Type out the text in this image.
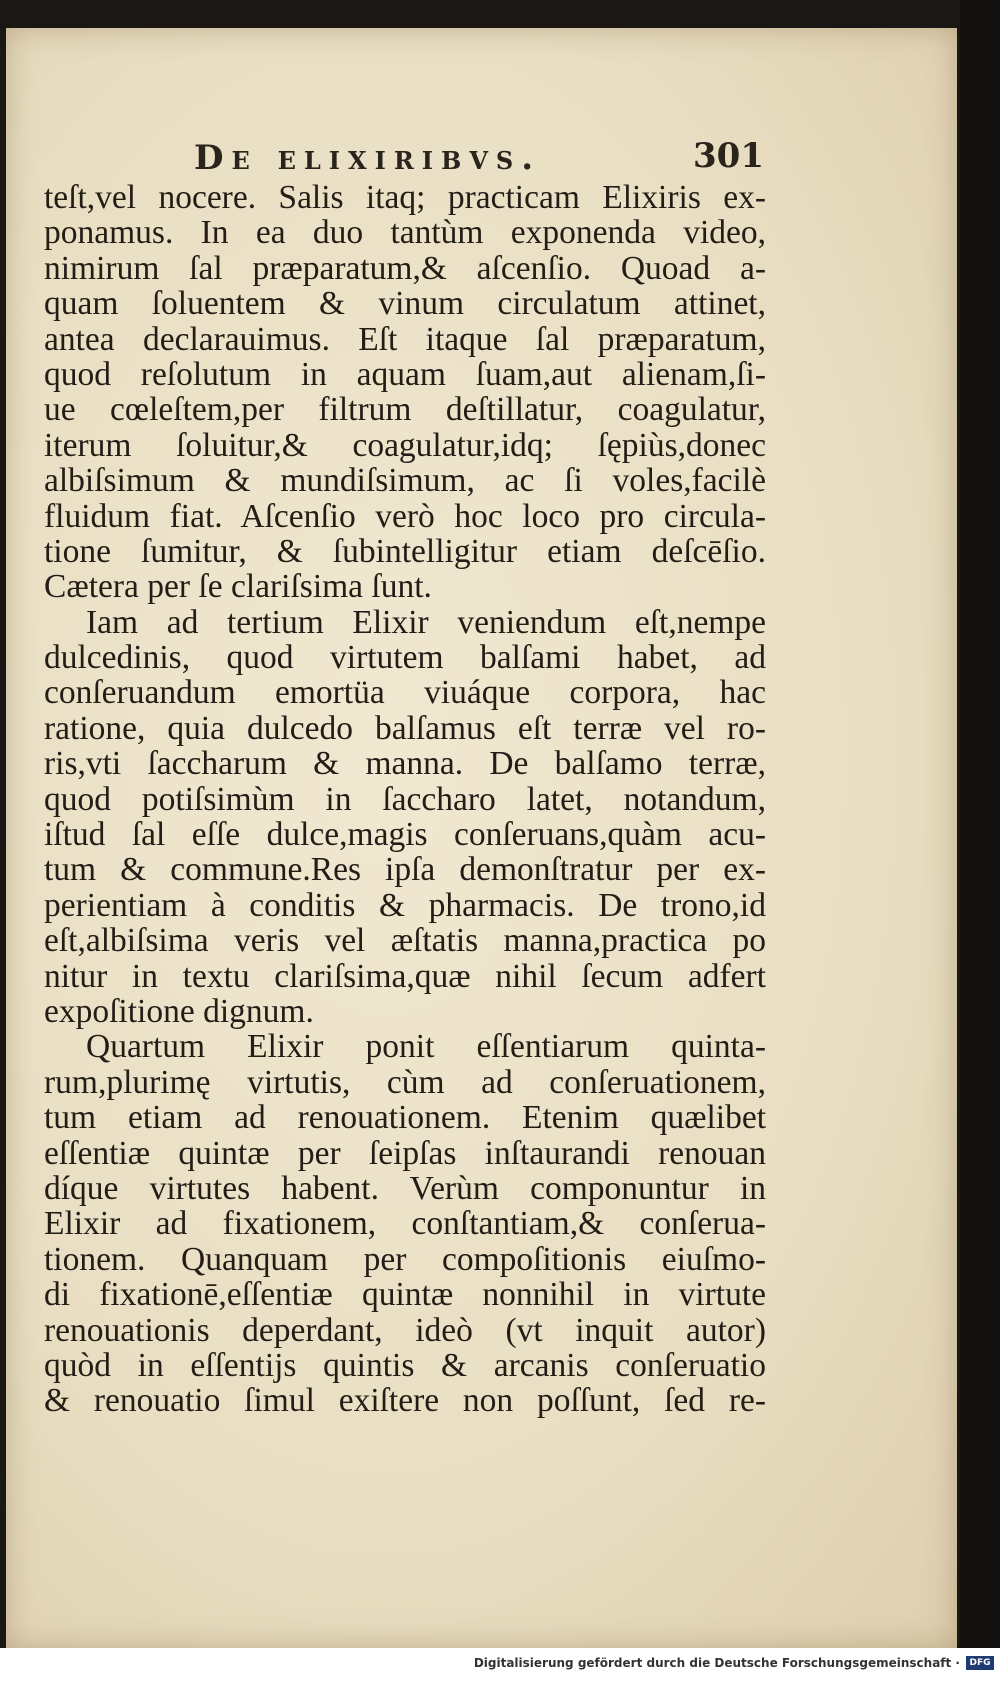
De elixiribvs.	301
teſt,vel nocere. Salis itaq; practicam Elixiris ex-
ponamus. In ea duo tantùm exponenda video,
nimirum ſal præparatum,& aſcenſio. Quoad a-
quam ſoluentem & vinum circulatum attinet,
antea declarauimus. Eſt itaque ſal præparatum,
quod reſolutum in aquam ſuam,aut alienam,ſi-
ue cœleſtem,per filtrum deſtillatur, coagulatur,
iterum ſoluitur,& coagulatur,idq; ſępiùs,donec
albiſsimum & mundiſsimum, ac ſi voles,facilè
fluidum fiat. Aſcenſio verò hoc loco pro circula-
tione ſumitur, & ſubintelligitur etiam deſcēſio.
Cætera per ſe clariſsima ſunt.
Iam ad tertium Elixir veniendum eſt,nempe
dulcedinis, quod virtutem balſami habet, ad
conſeruandum emortüa viuáque corpora, hac
ratione, quia dulcedo balſamus eſt terræ vel ro-
ris,vti ſaccharum & manna. De balſamo terræ,
quod potiſsimùm in ſaccharo latet, notandum,
iſtud ſal eſſe dulce,magis conſeruans,quàm acu-
tum & commune.Res ipſa demonſtratur per ex-
perientiam à conditis & pharmacis. De trono,id
eſt,albiſsima veris vel æſtatis manna,practica po
nitur in textu clariſsima,quæ nihil ſecum adfert
expoſitione dignum.
Quartum Elixir ponit eſſentiarum quinta-
rum,plurimę virtutis, cùm ad conſeruationem,
tum etiam ad renouationem. Etenim quælibet
eſſentiæ quintæ per ſeipſas inſtaurandi renouan
díque virtutes habent. Verùm componuntur in
Elixir ad fixationem, conſtantiam,& conſerua-
tionem. Quanquam per compoſitionis eiuſmo-
di fixationē,eſſentiæ quintæ nonnihil in virtute
renouationis deperdant, ideò (vt inquit autor)
quòd in eſſentijs quintis & arcanis conſeruatio
& renouatio ſimul exiſtere non poſſunt, ſed re-
Digitalisierung gefördert durch die Deutsche Forschungsgemeinschaft ·	DFG
